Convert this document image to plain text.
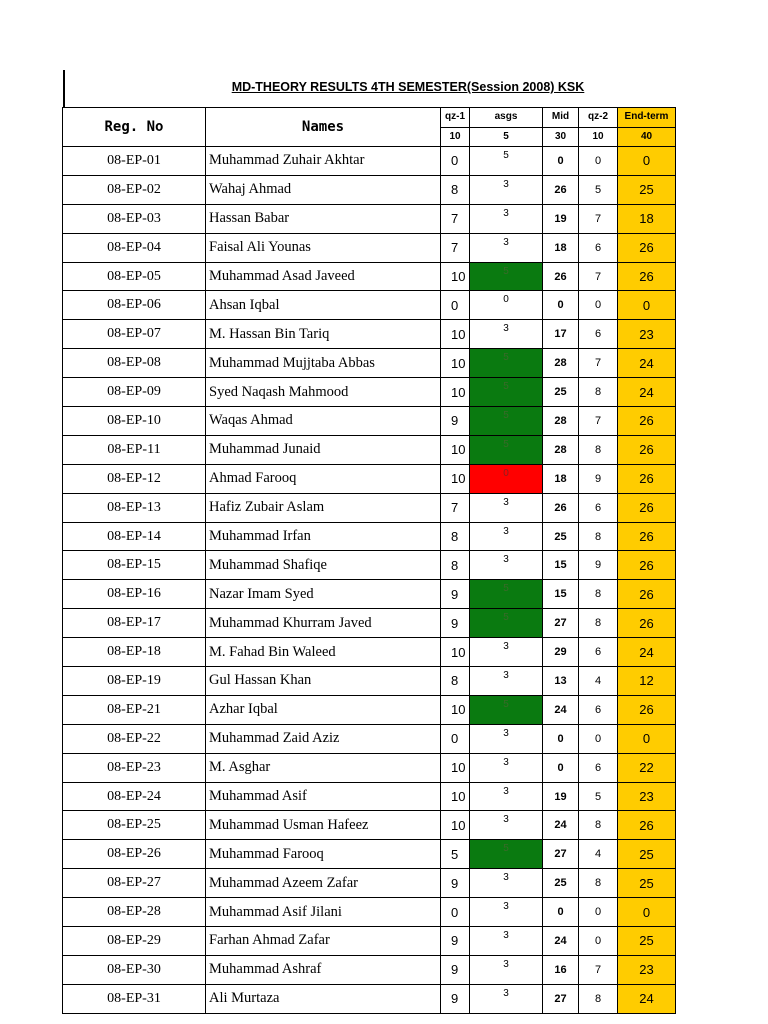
MD-THEORY RESULTS 4TH SEMESTER(Session 2008) KSK
Reg. No	Names	qz-1	asgs	Mid	qz-2	End-term
		10	5	30	10	40
08-EP-01	Muhammad Zuhair Akhtar	0	5	0	0	0
08-EP-02	Wahaj Ahmad	8	3	26	5	25
08-EP-03	Hassan Babar	7	3	19	7	18
08-EP-04	Faisal Ali Younas	7	3	18	6	26
08-EP-05	Muhammad Asad Javeed	10	5	26	7	26
08-EP-06	Ahsan Iqbal	0	0	0	0	0
08-EP-07	M. Hassan Bin Tariq	10	3	17	6	23
08-EP-08	Muhammad Mujjtaba Abbas	10	5	28	7	24
08-EP-09	Syed Naqash Mahmood	10	5	25	8	24
08-EP-10	Waqas Ahmad	9	5	28	7	26
08-EP-11	Muhammad Junaid	10	5	28	8	26
08-EP-12	Ahmad Farooq	10	0	18	9	26
08-EP-13	Hafiz Zubair Aslam	7	3	26	6	26
08-EP-14	Muhammad Irfan	8	3	25	8	26
08-EP-15	Muhammad Shafiqe	8	3	15	9	26
08-EP-16	Nazar Imam Syed	9	5	15	8	26
08-EP-17	Muhammad Khurram Javed	9	5	27	8	26
08-EP-18	M. Fahad Bin Waleed	10	3	29	6	24
08-EP-19	Gul Hassan Khan	8	3	13	4	12
08-EP-21	Azhar Iqbal	10	5	24	6	26
08-EP-22	Muhammad Zaid Aziz	0	3	0	0	0
08-EP-23	M. Asghar	10	3	0	6	22
08-EP-24	Muhammad Asif	10	3	19	5	23
08-EP-25	Muhammad Usman Hafeez	10	3	24	8	26
08-EP-26	Muhammad Farooq	5	5	27	4	25
08-EP-27	Muhammad Azeem Zafar	9	3	25	8	25
08-EP-28	Muhammad Asif Jilani	0	3	0	0	0
08-EP-29	Farhan Ahmad Zafar	9	3	24	0	25
08-EP-30	Muhammad Ashraf	9	3	16	7	23
08-EP-31	Ali Murtaza	9	3	27	8	24
